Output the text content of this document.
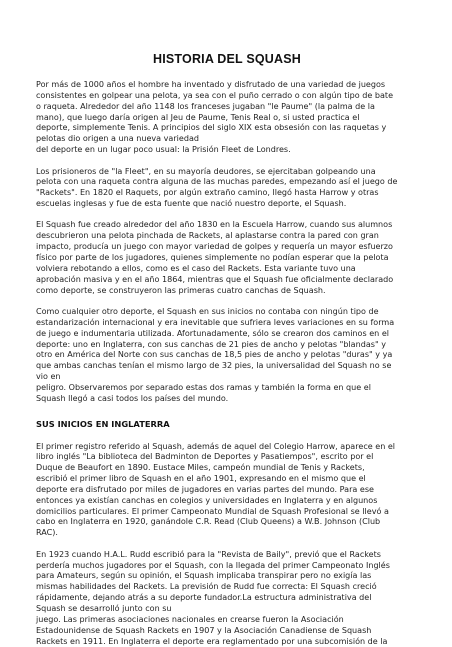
HISTORIA DEL SQUASH

Por más de 1000 años el hombre ha inventado y disfrutado de una variedad de juegos
consistentes en golpear una pelota, ya sea con el puño cerrado o con algún tipo de bate
o raqueta. Alrededor del año 1148 los franceses jugaban "le Paume" (la palma de la
mano), que luego daría origen al Jeu de Paume, Tenis Real o, si usted practica el
deporte, simplemente Tenis. A principios del siglo XIX esta obsesión con las raquetas y
pelotas dio origen a una nueva variedad
del deporte en un lugar poco usual: la Prisión Fleet de Londres.

Los prisioneros de "la Fleet", en su mayoría deudores, se ejercitaban golpeando una
pelota con una raqueta contra alguna de las muchas paredes, empezando así el juego de
"Rackets". En 1820 el Raquets, por algún extraño camino, llegó hasta Harrow y otras
escuelas inglesas y fue de esta fuente que nació nuestro deporte, el Squash.

El Squash fue creado alrededor del año 1830 en la Escuela Harrow, cuando sus alumnos
descubrieron una pelota pinchada de Rackets, al aplastarse contra la pared con gran
impacto, producía un juego con mayor variedad de golpes y requería un mayor esfuerzo
físico por parte de los jugadores, quienes simplemente no podían esperar que la pelota
volviera rebotando a ellos, como es el caso del Rackets. Esta variante tuvo una
aprobación masiva y en el año 1864, mientras que el Squash fue oficialmente declarado
como deporte, se construyeron las primeras cuatro canchas de Squash.

Como cualquier otro deporte, el Squash en sus inicios no contaba con ningún tipo de
estandarización internacional y era inevitable que sufriera leves variaciones en su forma
de juego e indumentaria utilizada. Afortunadamente, sólo se crearon dos caminos en el
deporte: uno en Inglaterra, con sus canchas de 21 pies de ancho y pelotas "blandas" y
otro en América del Norte con sus canchas de 18,5 pies de ancho y pelotas "duras" y ya
que ambas canchas tenían el mismo largo de 32 pies, la universalidad del Squash no se
vio en
peligro. Observaremos por separado estas dos ramas y también la forma en que el
Squash llegó a casi todos los países del mundo.

SUS INICIOS EN INGLATERRA

El primer registro referido al Squash, además de aquel del Colegio Harrow, aparece en el
libro inglés "La biblioteca del Badminton de Deportes y Pasatiempos", escrito por el
Duque de Beaufort en 1890. Eustace Miles, campeón mundial de Tenis y Rackets,
escribió el primer libro de Squash en el año 1901, expresando en el mismo que el
deporte era disfrutado por miles de jugadores en varias partes del mundo. Para ese
entonces ya existían canchas en colegios y universidades en Inglaterra y en algunos
domicilios particulares. El primer Campeonato Mundial de Squash Profesional se llevó a
cabo en Inglaterra en 1920, ganándole C.R. Read (Club Queens) a W.B. Johnson (Club
RAC).

En 1923 cuando H.A.L. Rudd escribió para la "Revista de Baily", previó que el Rackets
perdería muchos jugadores por el Squash, con la llegada del primer Campeonato Inglés
para Amateurs, según su opinión, el Squash implicaba transpirar pero no exigía las
mismas habilidades del Rackets. La previsión de Rudd fue correcta: El Squash creció
rápidamente, dejando atrás a su deporte fundador.La estructura administrativa del
Squash se desarrolló junto con su
juego. Las primeras asociaciones nacionales en crearse fueron la Asociación
Estadounidense de Squash Rackets en 1907 y la Asociación Canadiense de Squash
Rackets en 1911. En Inglaterra el deporte era reglamentado por una subcomisión de la
